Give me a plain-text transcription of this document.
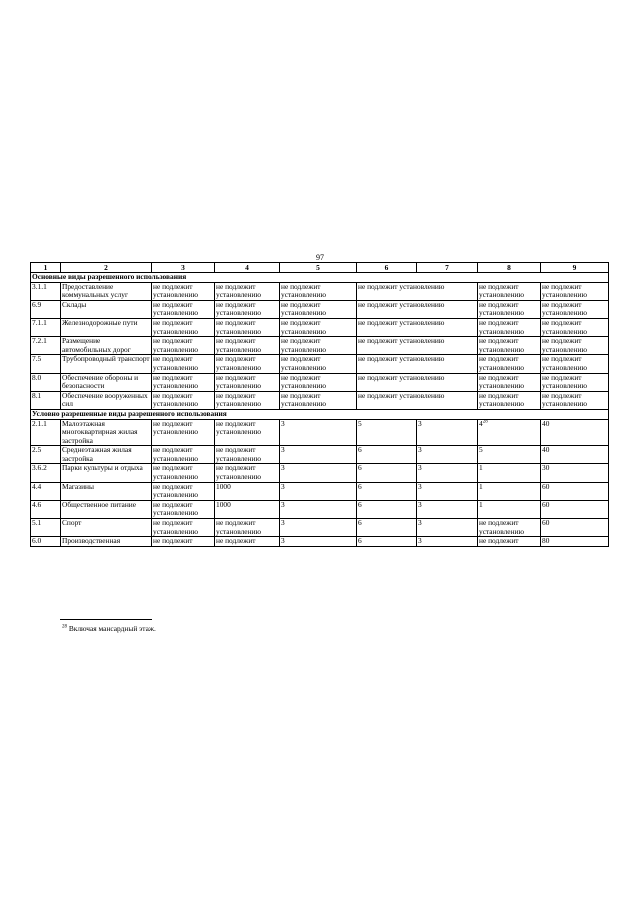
97
1	2	3	4	5	6	7	8	9
Основные виды разрешенного использования								
3.1.1	Предоставление коммунальных услуг	не подлежит установлению	не подлежит установлению	не подлежит установлению	не подлежит установлению		не подлежит установлению	не подлежит установлению
6.9	Склады	не подлежит установлению	не подлежит установлению	не подлежит установлению	не подлежит установлению		не подлежит установлению	не подлежит установлению
7.1.1	Железнодорожные пути	не подлежит установлению	не подлежит установлению	не подлежит установлению	не подлежит установлению		не подлежит установлению	не подлежит установлению
7.2.1	Размещение автомобильных дорог	не подлежит установлению	не подлежит установлению	не подлежит установлению	не подлежит установлению		не подлежит установлению	не подлежит установлению
7.5	Трубопроводный транспорт	не подлежит установлению	не подлежит установлению	не подлежит установлению	не подлежит установлению		не подлежит установлению	не подлежит установлению
8.0	Обеспечение обороны и безопасности	не подлежит установлению	не подлежит установлению	не подлежит установлению	не подлежит установлению		не подлежит установлению	не подлежит установлению
8.1	Обеспечение вооруженных сил	не подлежит установлению	не подлежит установлению	не подлежит установлению	не подлежит установлению		не подлежит установлению	не подлежит установлению
Условно разрешенные виды разрешенного использования								
2.1.1	Малоэтажная многоквартирная жилая застройка	не подлежит установлению	не подлежит установлению	3	5	3	$4^{28}$	40
2.5	Среднеэтажная жилая застройка	не подлежит установлению	не подлежит установлению	3	6	3	5	40
3.6.2	Парки культуры и отдыха	не подлежит установлению	не подлежит установлению	3	6	3	1	30
4.4	Магазины	не подлежит установлению	1000	3	6	3	1	60
4.6	Общественное питание	не подлежит установлению	1000	3	6	3	1	60
5.1	Спорт	не подлежит установлению	не подлежит установлению	3	6	3	не подлежит установлению	60
6.0	Производственная	не подлежит	не подлежит	3	6	3	не подлежит	80
$^{28}$ Включая мансардный этаж.
